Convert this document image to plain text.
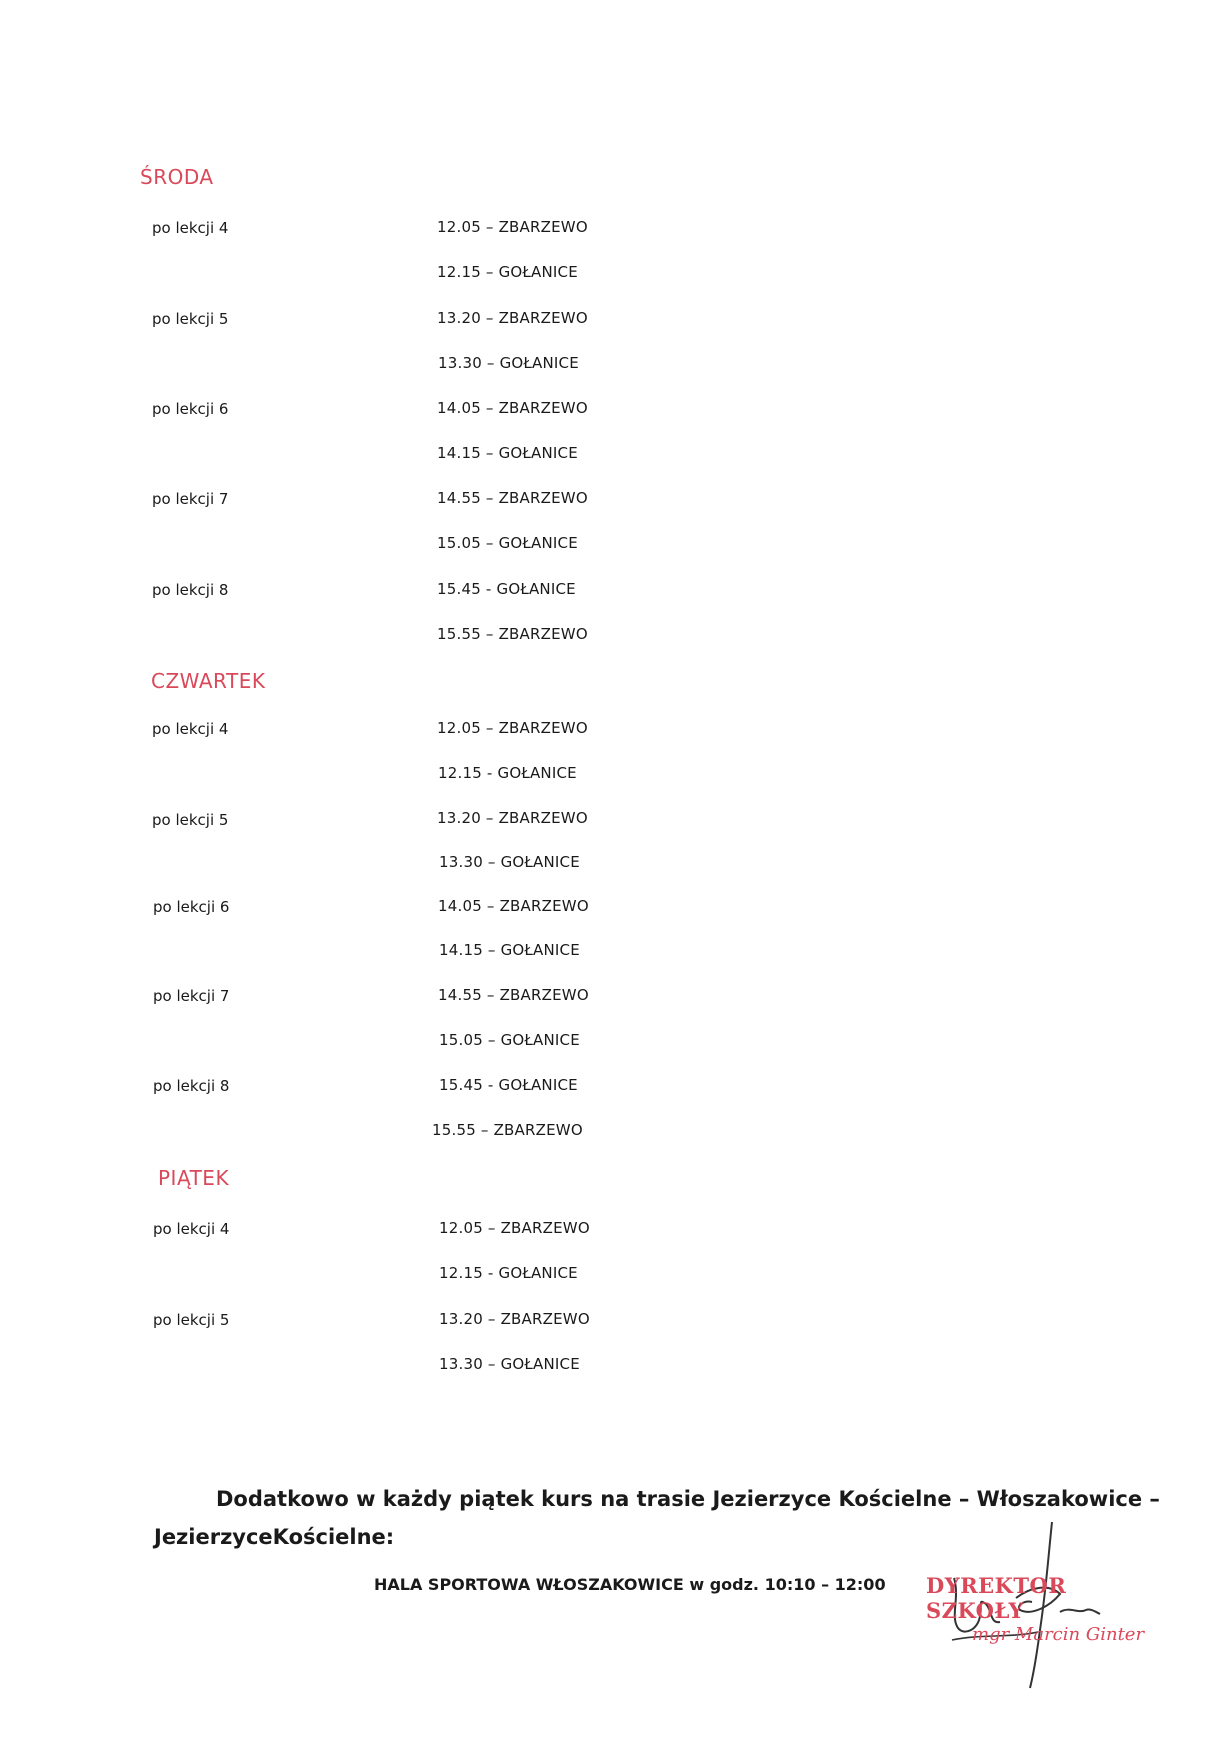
ŚRODA
po lekcji 4	12.05 – ZBARZEWO
12.15 – GOŁANICE
po lekcji 5	13.20 – ZBARZEWO
13.30 – GOŁANICE
po lekcji 6	14.05 – ZBARZEWO
14.15 – GOŁANICE
po lekcji 7	14.55 – ZBARZEWO
15.05 – GOŁANICE
po lekcji 8	15.45 - GOŁANICE
15.55 – ZBARZEWO
CZWARTEK
po lekcji 4	12.05 – ZBARZEWO
12.15 - GOŁANICE
po lekcji 5	13.20 – ZBARZEWO
13.30 – GOŁANICE
po lekcji 6	14.05 – ZBARZEWO
14.15 – GOŁANICE
po lekcji 7	14.55 – ZBARZEWO
15.05 – GOŁANICE
po lekcji 8	15.45 - GOŁANICE
15.55 – ZBARZEWO
PIĄTEK
po lekcji 4	12.05 – ZBARZEWO
12.15 - GOŁANICE
po lekcji 5	13.20 – ZBARZEWO
13.30 – GOŁANICE
Dodatkowo w każdy piątek kurs na trasie Jezierzyce Kościelne – Włoszakowice –
JezierzyceKościelne:
HALA SPORTOWA WŁOSZAKOWICE w godz. 10:10 – 12:00 DYREKTOR SZKOŁY
mgr Marcin Ginter
